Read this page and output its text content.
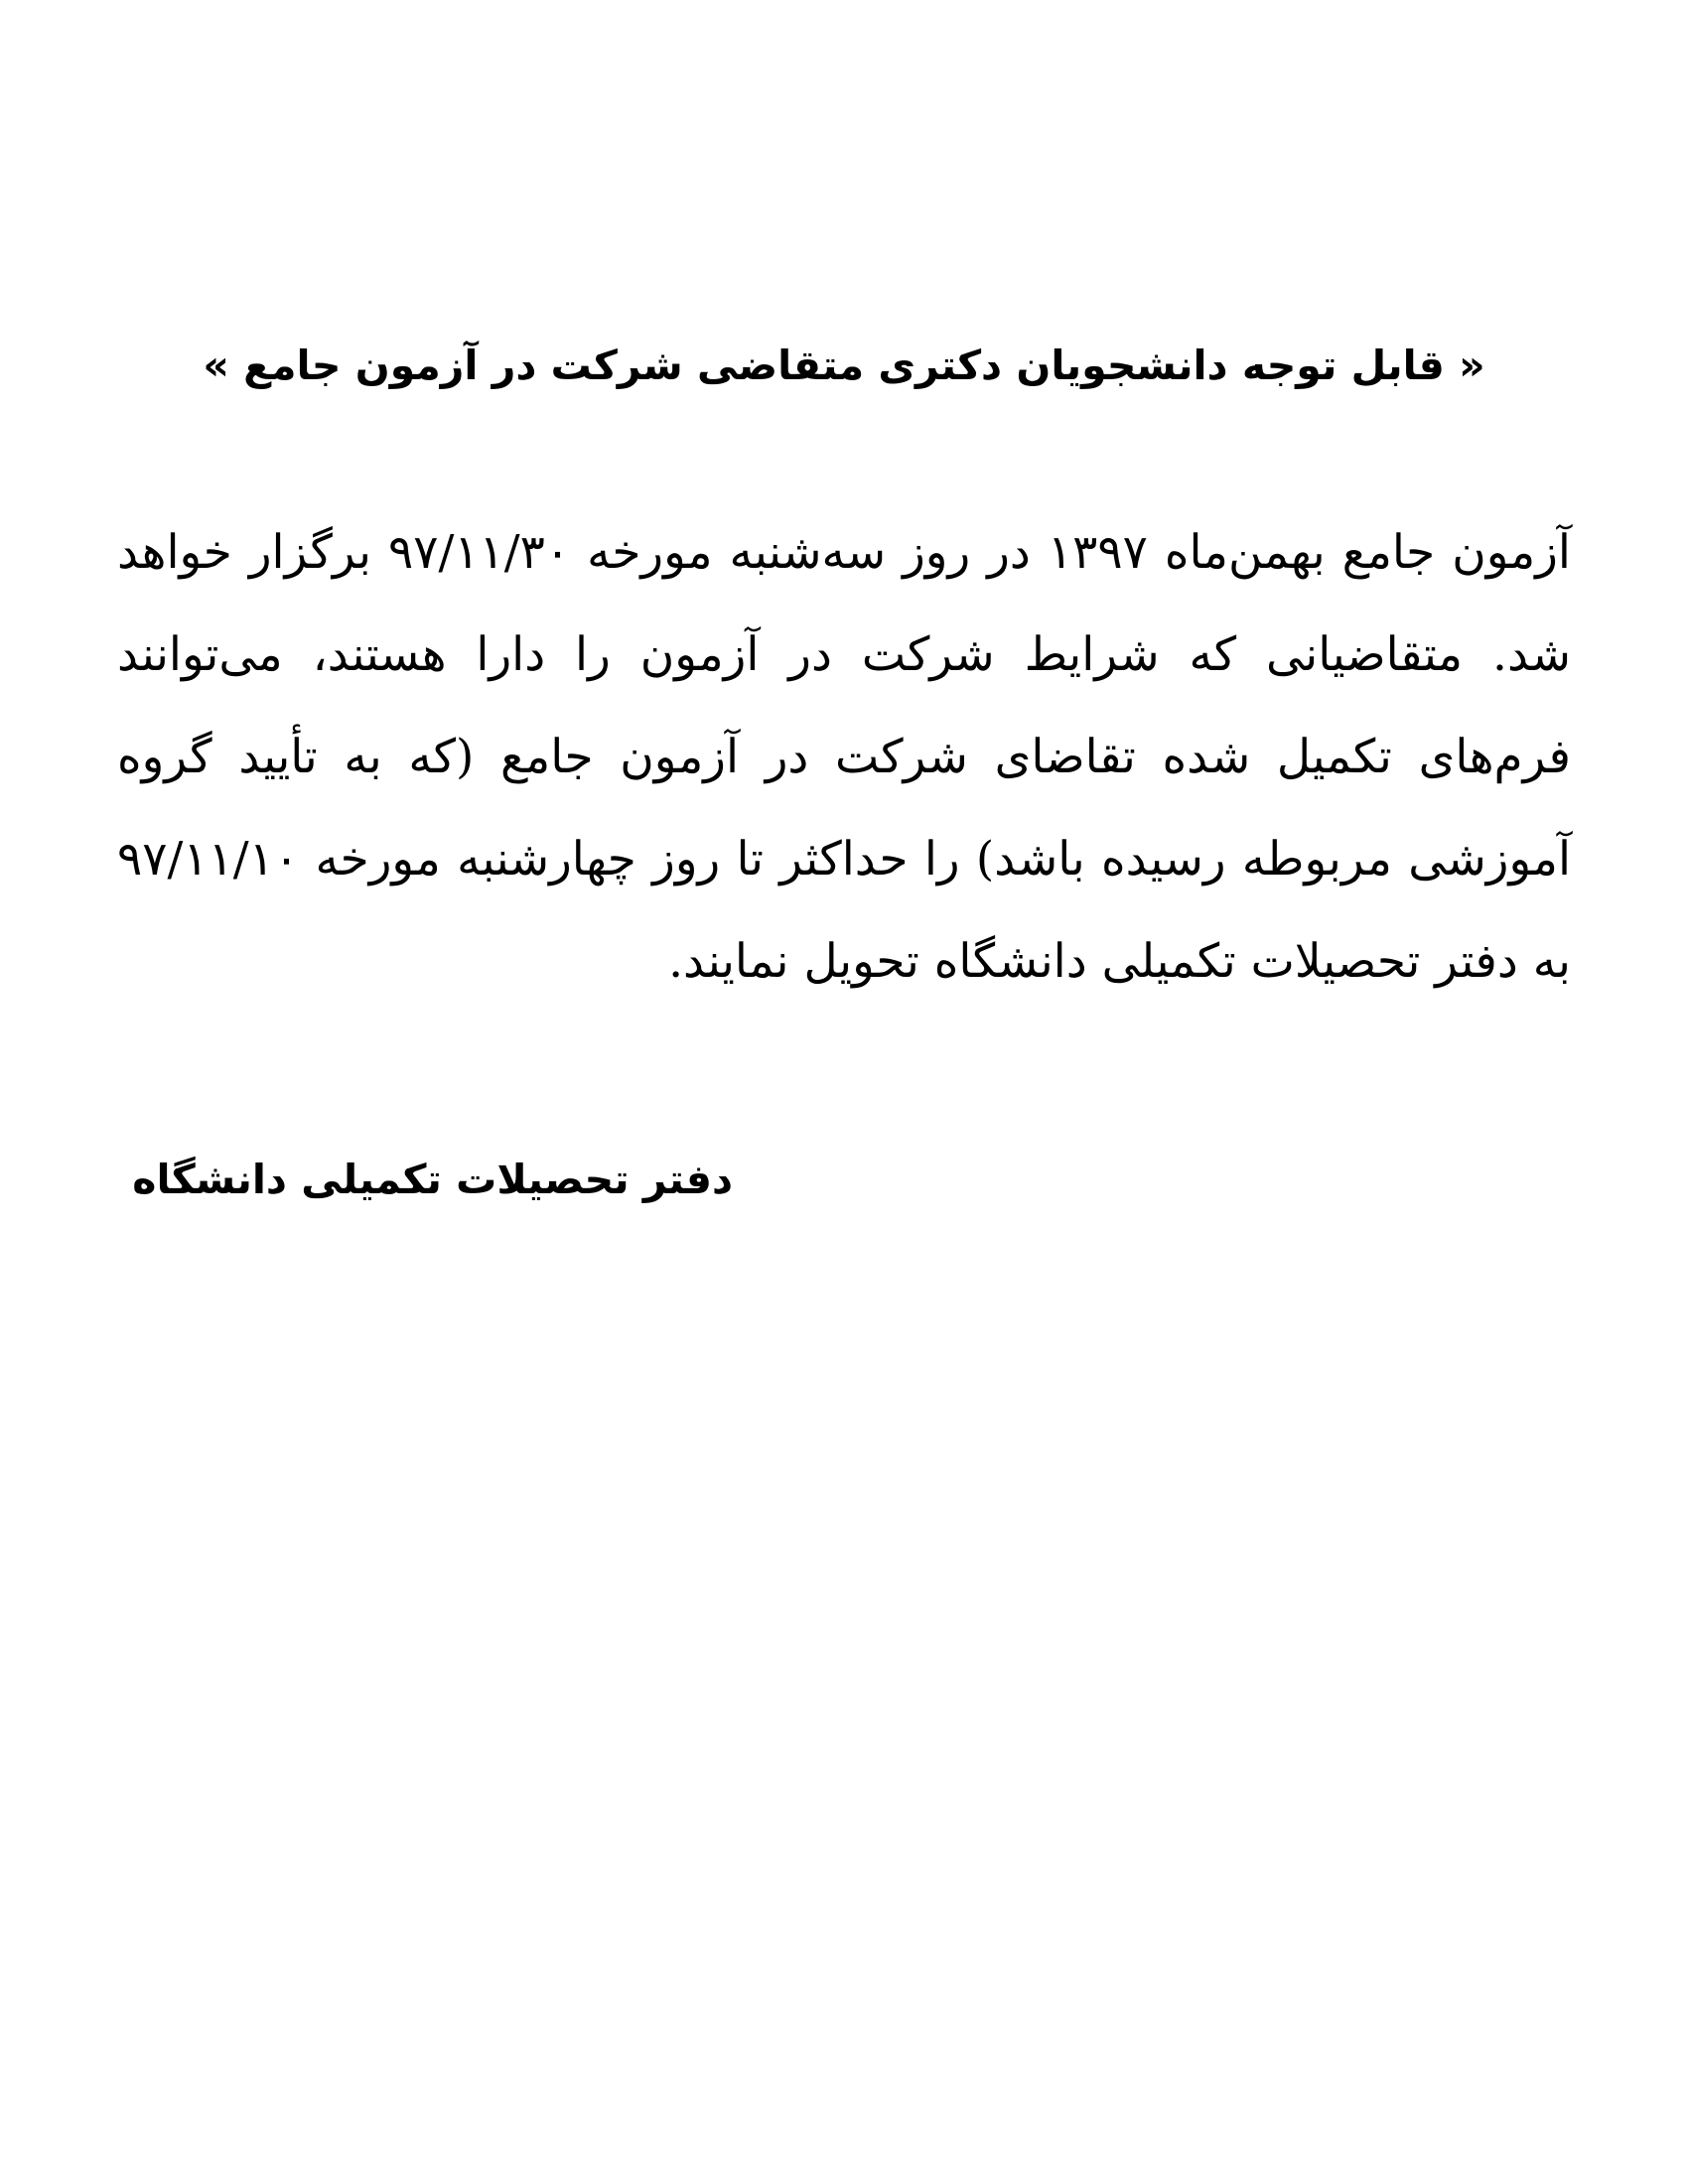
« قابل توجه دانشجویان دکتری متقاضی شرکت در آزمون جامع »

آزمون جامع بهمن‌ماه ۱۳۹۷ در روز سه‌شنبه مورخه ۹۷/۱۱/۳۰ برگزار خواهد شد. متقاضیانی که شرایط شرکت در آزمون را دارا هستند، می‌توانند فرم‌های تکمیل شده تقاضای شرکت در آزمون جامع (که به تأیید گروه آموزشی مربوطه رسیده باشد) را حداکثر تا روز چهارشنبه مورخه ۹۷/۱۱/۱۰ به دفتر تحصیلات تکمیلی دانشگاه تحویل نمایند.

دفتر تحصیلات تکمیلی دانشگاه
